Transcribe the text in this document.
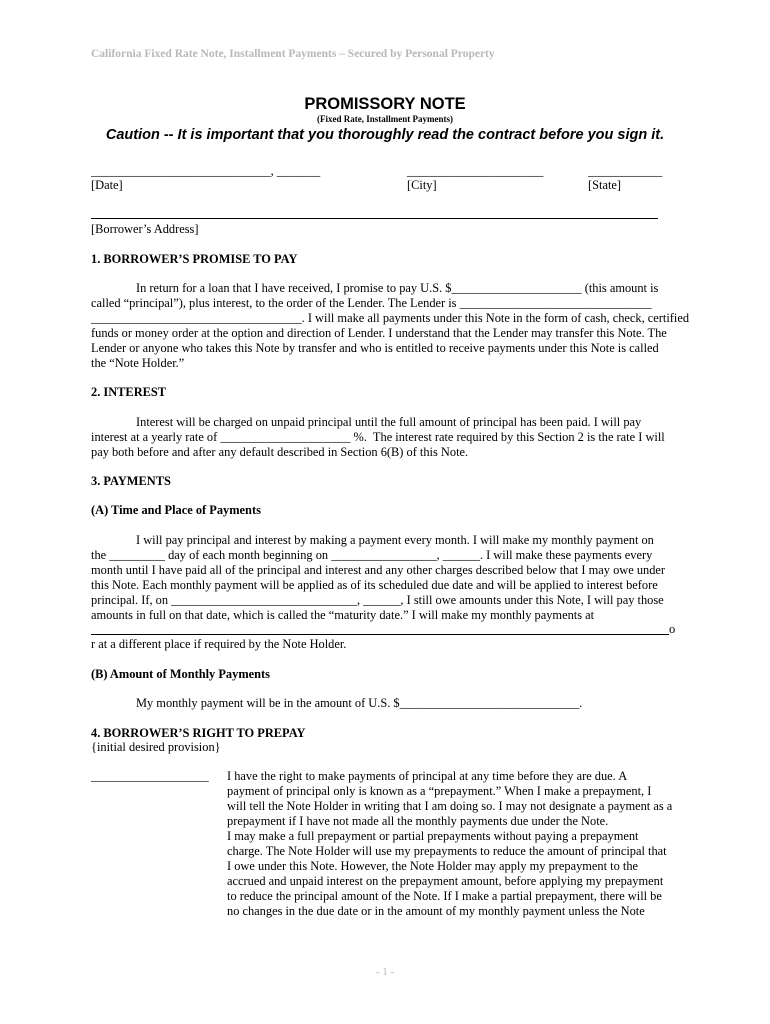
California Fixed Rate Note, Installment Payments – Secured by Personal Property
PROMISSORY NOTE
(Fixed Rate, Installment Payments)
Caution -- It is important that you thoroughly read the contract before you sign it.
_____________________________, _______	______________________	____________
[Date]	[City]	[State]
[Borrower’s Address]
1. BORROWER’S PROMISE TO PAY
In return for a loan that I have received, I promise to pay U.S. $_____________________ (this amount is
called “principal”), plus interest, to the order of the Lender. The Lender is _______________________________
__________________________________. I will make all payments under this Note in the form of cash, check, certified
funds or money order at the option and direction of Lender. I understand that the Lender may transfer this Note. The
Lender or anyone who takes this Note by transfer and who is entitled to receive payments under this Note is called
the “Note Holder.”
2. INTEREST
Interest will be charged on unpaid principal until the full amount of principal has been paid. I will pay
interest at a yearly rate of _____________________ %.  The interest rate required by this Section 2 is the rate I will
pay both before and after any default described in Section 6(B) of this Note.
3. PAYMENTS
(A) Time and Place of Payments
I will pay principal and interest by making a payment every month. I will make my monthly payment on
the _________ day of each month beginning on _________________, ______. I will make these payments every
month until I have paid all of the principal and interest and any other charges described below that I may owe under
this Note. Each monthly payment will be applied as of its scheduled due date and will be applied to interest before
principal. If, on ______________________________, ______, I still owe amounts under this Note, I will pay those
amounts in full on that date, which is called the “maturity date.” I will make my monthly payments at
o
r at a different place if required by the Note Holder.
(B) Amount of Monthly Payments
My monthly payment will be in the amount of U.S. $_____________________________.
4. BORROWER’S RIGHT TO PREPAY
{initial desired provision}
___________________ I have the right to make payments of principal at any time before they are due. A
payment of principal only is known as a “prepayment.” When I make a prepayment, I
will tell the Note Holder in writing that I am doing so. I may not designate a payment as a
prepayment if I have not made all the monthly payments due under the Note.
I may make a full prepayment or partial prepayments without paying a prepayment
charge. The Note Holder will use my prepayments to reduce the amount of principal that
I owe under this Note. However, the Note Holder may apply my prepayment to the
accrued and unpaid interest on the prepayment amount, before applying my prepayment
to reduce the principal amount of the Note. If I make a partial prepayment, there will be
no changes in the due date or in the amount of my monthly payment unless the Note
- 1 -
